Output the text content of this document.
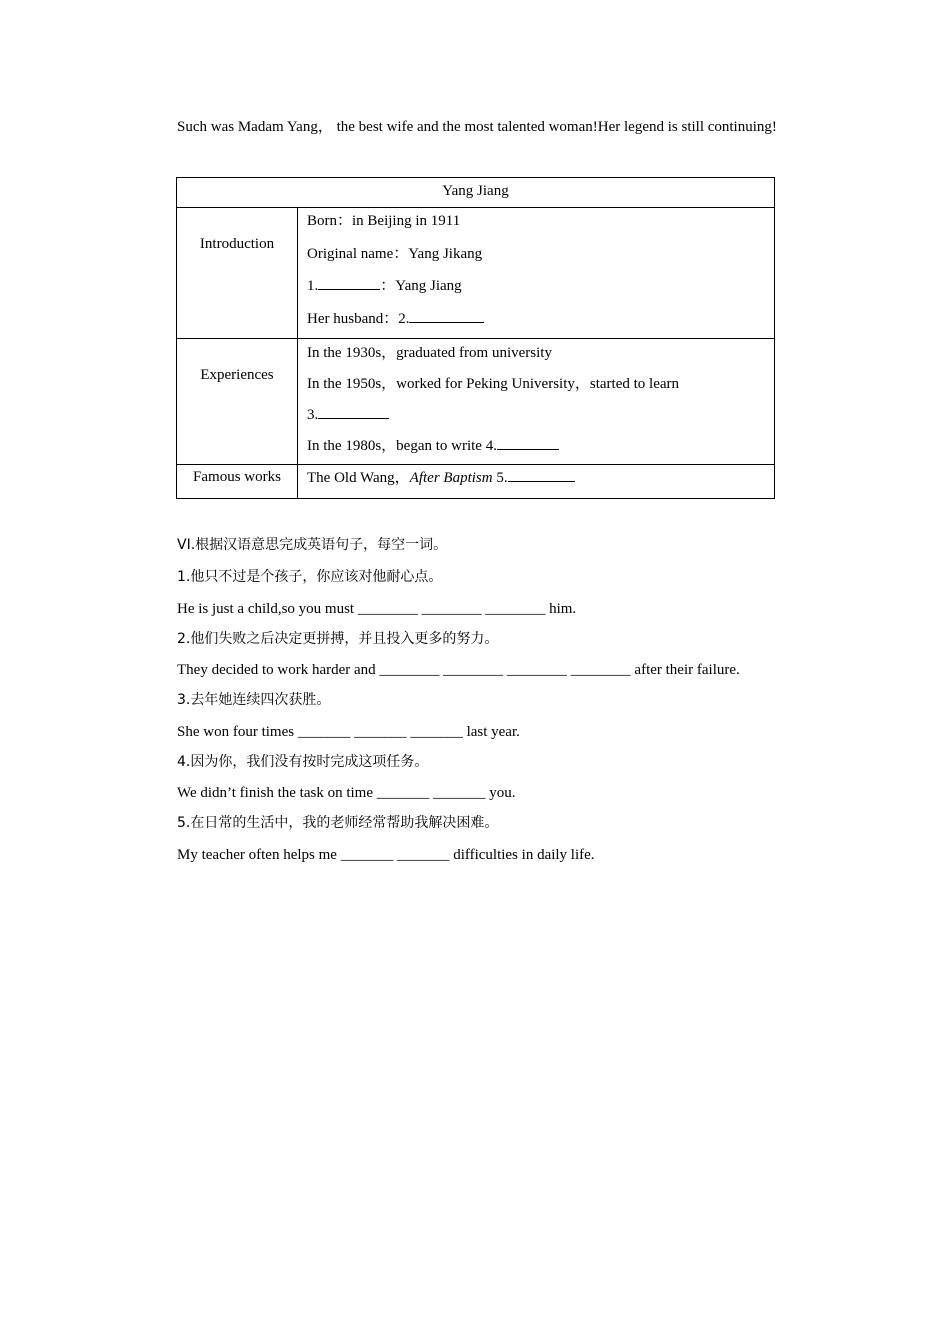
Such was Madam Yang， the best wife and the most talented woman!Her legend is still continuing!
Yang Jiang	

Introduction	Born：in Beijing in 1911
Original name：Yang Jikang
1. ：Yang Jiang
Her husband：2.

Experiences	In the 1930s，graduated from university
In the 1950s，worked for Peking University，started to learn
3.
In the 1980s，began to write 4.

Famous works	The Old Wang，After Baptism 5.
VI.根据汉语意思完成英语句子，每空一词。
1.他只不过是个孩子，你应该对他耐心点。
He is just a child,so you must ________ ________ ________ him.
2.他们失败之后决定更拼搏，并且投入更多的努力。
They decided to work harder and ________ ________ ________ ________ after their failure.
3.去年她连续四次获胜。
She won four times _______ _______ _______ last year.
4.因为你，我们没有按时完成这项任务。
We didn’t finish the task on time _______ _______ you.
5.在日常的生活中，我的老师经常帮助我解决困难。
My teacher often helps me _______ _______ difficulties in daily life.
